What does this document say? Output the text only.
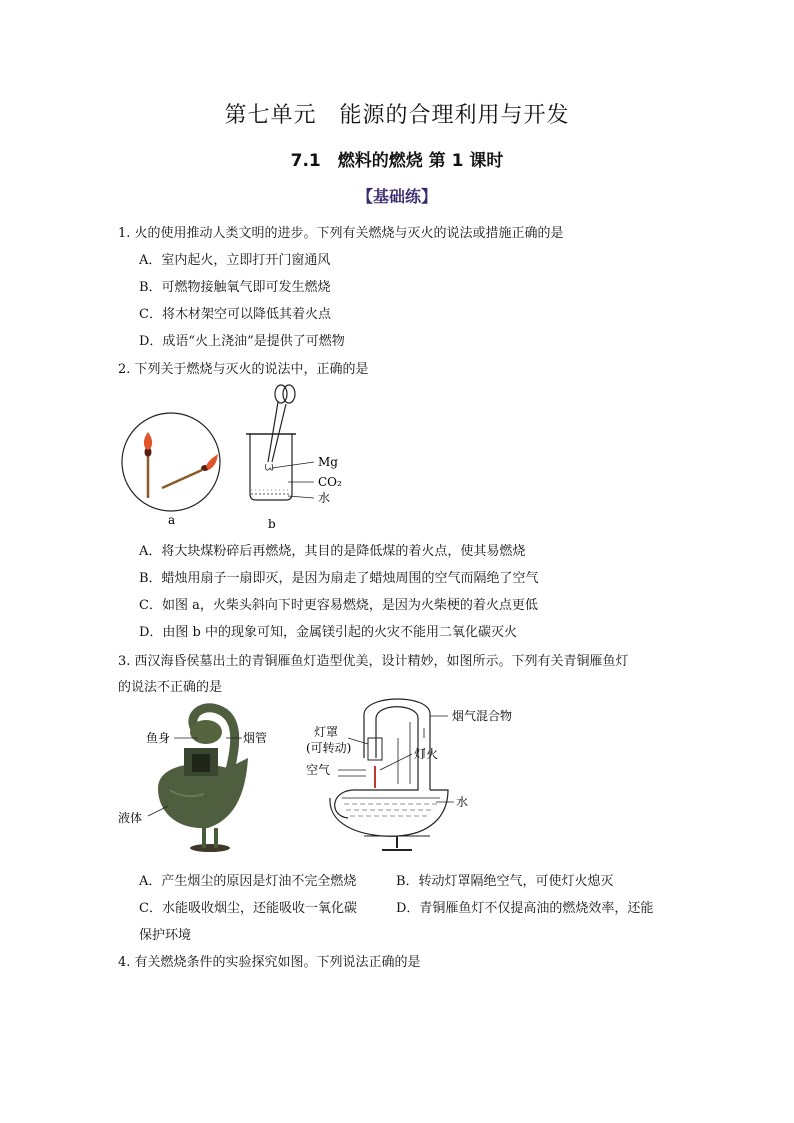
第七单元　能源的合理利用与开发
7.1　燃料的燃烧 第 1 课时
【基础练】
1. 火的使用推动人类文明的进步。下列有关燃烧与灭火的说法或措施正确的是
A．室内起火，立即打开门窗通风
B．可燃物接触氧气即可发生燃烧
C．将木材架空可以降低其着火点
D．成语“火上浇油”是提供了可燃物
2. 下列关于燃烧与灭火的说法中，正确的是
a
Mg
CO₂
水
b
A．将大块煤粉碎后再燃烧，其目的是降低煤的着火点，使其易燃烧
B．蜡烛用扇子一扇即灭，是因为扇走了蜡烛周围的空气而隔绝了空气
C．如图 a，火柴头斜向下时更容易燃烧，是因为火柴梗的着火点更低
D．由图 b 中的现象可知，金属镁引起的火灾不能用二氧化碳灭火
3. 西汉海昏侯墓出土的青铜雁鱼灯造型优美，设计精妙，如图所示。下列有关青铜雁鱼灯
的说法不正确的是
鱼身	烟管
液体
烟气混合物
灯罩
(可转动)	灯火
空气
水
A．产生烟尘的原因是灯油不完全燃烧	B．转动灯罩隔绝空气，可使灯火熄灭
C．水能吸收烟尘，还能吸收一氧化碳	D．青铜雁鱼灯不仅提高油的燃烧效率，还能
保护环境
4. 有关燃烧条件的实验探究如图。下列说法正确的是
